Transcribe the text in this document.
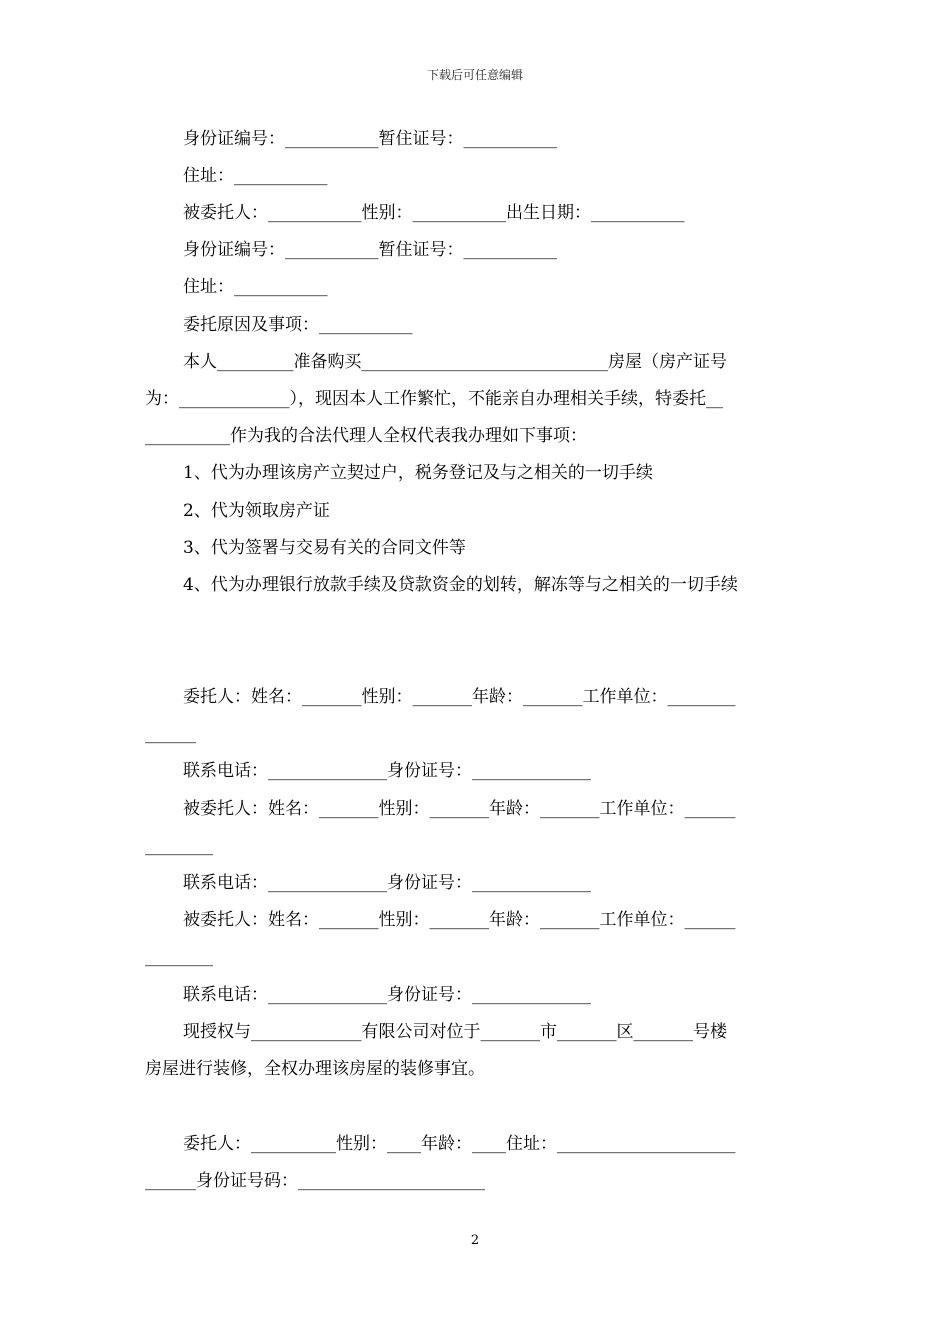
下载后可任意编辑

身份证编号：___________暂住证号：___________

住址：___________

被委托人：___________性别：___________出生日期：___________

身份证编号：___________暂住证号：___________

住址：___________

委托原因及事项：___________

本人_________准备购买_____________________________房屋（房产证号

为：_____________），现因本人工作繁忙，不能亲自办理相关手续，特委托__

__________作为我的合法代理人全权代表我办理如下事项：

1、代为办理该房产立契过户，税务登记及与之相关的一切手续

2、代为领取房产证

3、代为签署与交易有关的合同文件等

4、代为办理银行放款手续及贷款资金的划转，解冻等与之相关的一切手续

委托人：姓名：_______性别：_______年龄：_______工作单位：________

______

联系电话：______________身份证号：______________

被委托人：姓名：_______性别：_______年龄：_______工作单位：______

________

联系电话：______________身份证号：______________

被委托人：姓名：_______性别：_______年龄：_______工作单位：______

________

联系电话：______________身份证号：______________

现授权与_____________有限公司对位于_______市_______区_______号楼

房屋进行装修，全权办理该房屋的装修事宜。

委托人：__________性别：____年龄：____住址：_____________________

______身份证号码：______________________

2
